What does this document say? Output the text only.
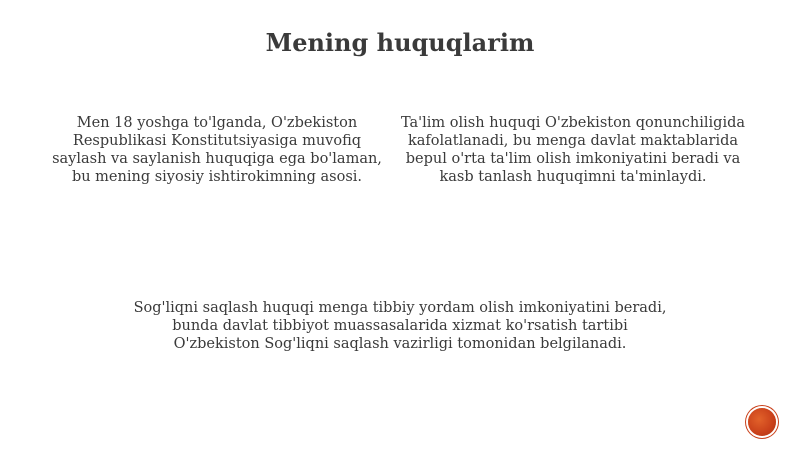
Mening huquqlarim

Men 18 yoshga to'lganda, O'zbekiston Respublikasi Konstitutsiyasiga muvofiq saylash va saylanish huquqiga ega bo'laman, bu mening siyosiy ishtirokimning asosi.

Ta'lim olish huquqi O'zbekiston qonunchiligida kafolatlanadi, bu menga davlat maktablarida bepul o'rta ta'lim olish imkoniyatini beradi va kasb tanlash huquqimni ta'minlaydi.

Sog'liqni saqlash huquqi menga tibbiy yordam olish imkoniyatini beradi, bunda davlat tibbiyot muassasalarida xizmat ko'rsatish tartibi O'zbekiston Sog'liqni saqlash vazirligi tomonidan belgilanadi.
